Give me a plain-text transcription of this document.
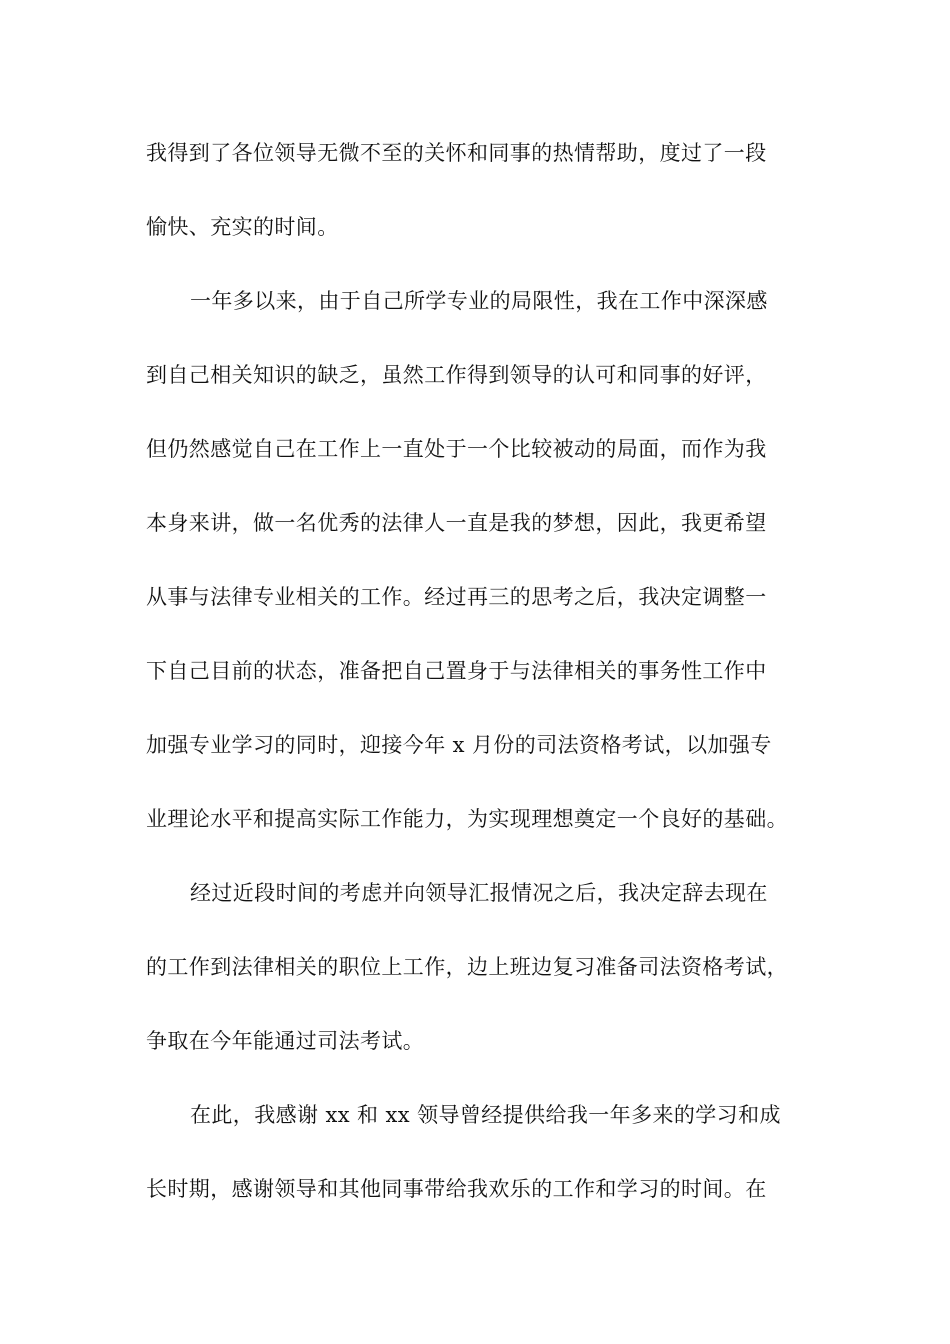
我得到了各位领导无微不至的关怀和同事的热情帮助，度过了一段
愉快、充实的时间。
一年多以来，由于自己所学专业的局限性，我在工作中深深感
到自己相关知识的缺乏，虽然工作得到领导的认可和同事的好评，
但仍然感觉自己在工作上一直处于一个比较被动的局面，而作为我
本身来讲，做一名优秀的法律人一直是我的梦想，因此，我更希望
从事与法律专业相关的工作。经过再三的思考之后，我决定调整一
下自己目前的状态，准备把自己置身于与法律相关的事务性工作中
加强专业学习的同时，迎接今年 x 月份的司法资格考试，以加强专
业理论水平和提高实际工作能力，为实现理想奠定一个良好的基础。
经过近段时间的考虑并向领导汇报情况之后，我决定辞去现在
的工作到法律相关的职位上工作，边上班边复习准备司法资格考试，
争取在今年能通过司法考试。
在此，我感谢 xx 和 xx 领导曾经提供给我一年多来的学习和成
长时期，感谢领导和其他同事带给我欢乐的工作和学习的时间。在
